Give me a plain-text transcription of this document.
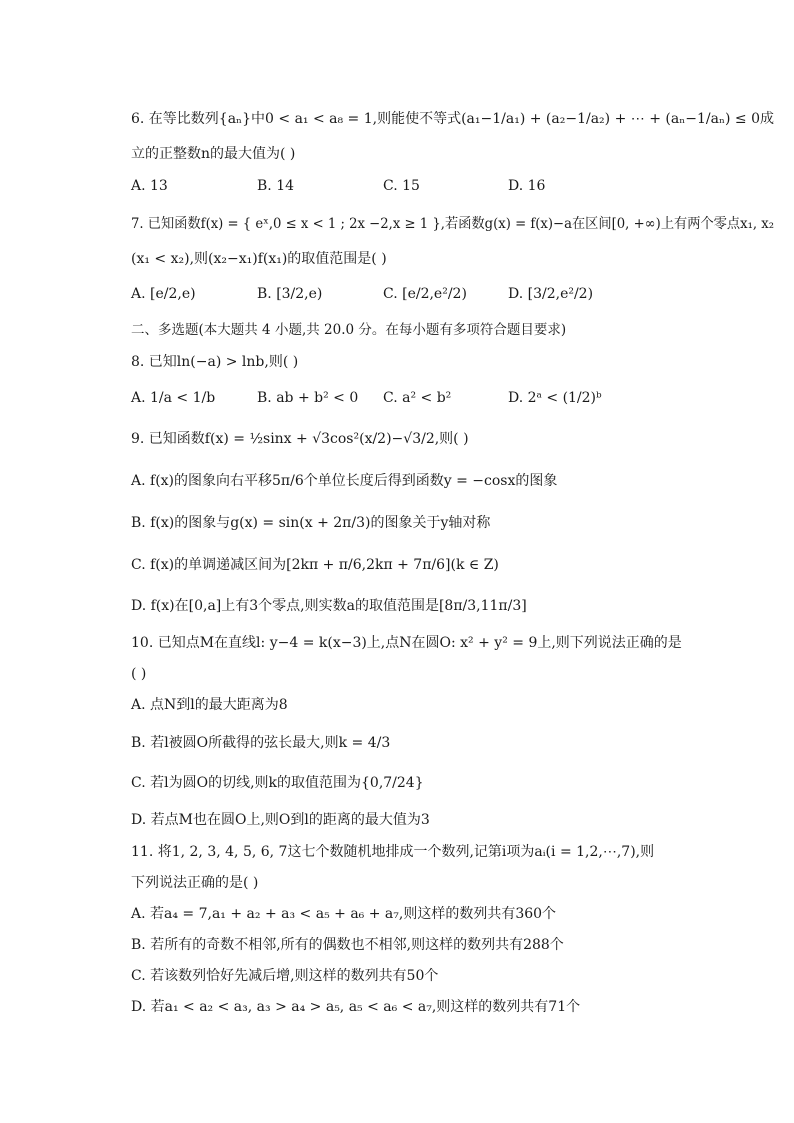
6. 在等比数列{aₙ}中0 < a₁ < a₈ = 1,则能使不等式(a₁−1/a₁) + (a₂−1/a₂) + ⋯ + (aₙ−1/aₙ) ≤ 0成
立的正整数n的最大值为( )
A. 13	B. 14	C. 15	D. 16
7. 已知函数f(x) = { eˣ,0 ≤ x < 1 ; 2x −2,x ≥ 1 },若函数g(x) = f(x)−a在区间[0, +∞)上有两个零点x₁, x₂
(x₁ < x₂),则(x₂−x₁)f(x₁)的取值范围是( )
A. [e/2,e)	B. [3/2,e)	C. [e/2,e²/2)	D. [3/2,e²/2)
二、多选题(本大题共 4 小题,共 20.0 分。在每小题有多项符合题目要求)
8. 已知ln(−a) > lnb,则( )
A. 1/a < 1/b	B. ab + b² < 0 C. a² < b²	D. 2ᵃ < (1/2)ᵇ
9. 已知函数f(x) = ½sinx + √3cos²(x/2)−√3/2,则( )
A. f(x)的图象向右平移5π/6个单位长度后得到函数y = −cosx的图象
B. f(x)的图象与g(x) = sin(x + 2π/3)的图象关于y轴对称
C. f(x)的单调递减区间为[2kπ + π/6,2kπ + 7π/6](k ∈ Z)
D. f(x)在[0,a]上有3个零点,则实数a的取值范围是[8π/3,11π/3]
10. 已知点M在直线l: y−4 = k(x−3)上,点N在圆O: x² + y² = 9上,则下列说法正确的是
( )
A. 点N到l的最大距离为8
B. 若l被圆O所截得的弦长最大,则k = 4/3
C. 若l为圆O的切线,则k的取值范围为{0,7/24}
D. 若点M也在圆O上,则O到l的距离的最大值为3
11. 将1, 2, 3, 4, 5, 6, 7这七个数随机地排成一个数列,记第i项为aᵢ(i = 1,2,⋯,7),则
下列说法正确的是( )
A. 若a₄ = 7,a₁ + a₂ + a₃ < a₅ + a₆ + a₇,则这样的数列共有360个
B. 若所有的奇数不相邻,所有的偶数也不相邻,则这样的数列共有288个
C. 若该数列恰好先减后增,则这样的数列共有50个
D. 若a₁ < a₂ < a₃, a₃ > a₄ > a₅, a₅ < a₆ < a₇,则这样的数列共有71个
